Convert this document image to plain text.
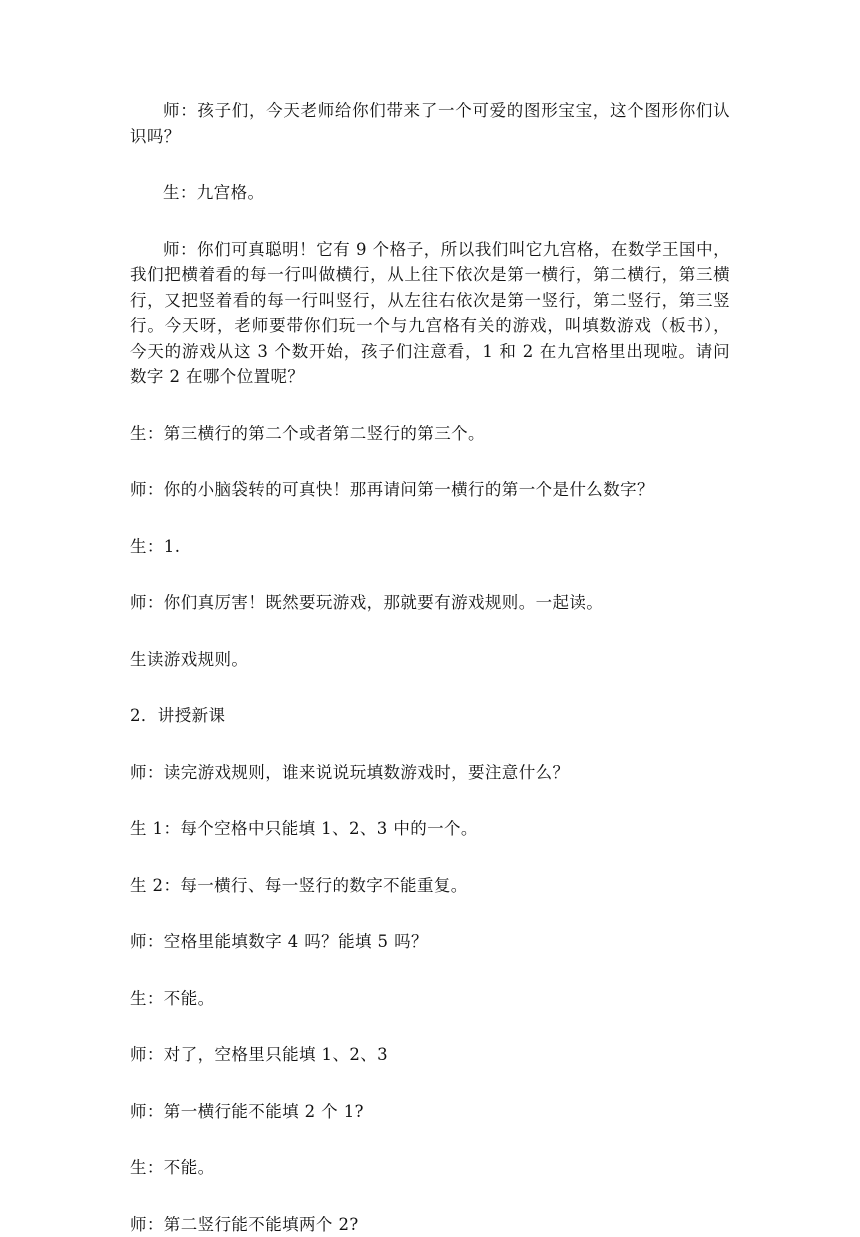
师：孩子们，今天老师给你们带来了一个可爱的图形宝宝，这个图形你们认识吗？

生：九宫格。

师：你们可真聪明！它有 9 个格子，所以我们叫它九宫格，在数学王国中，我们把横着看的每一行叫做横行，从上往下依次是第一横行，第二横行，第三横行，又把竖着看的每一行叫竖行，从左往右依次是第一竖行，第二竖行，第三竖行。今天呀，老师要带你们玩一个与九宫格有关的游戏，叫填数游戏（板书），今天的游戏从这 3 个数开始，孩子们注意看，1 和 2 在九宫格里出现啦。请问数字 2 在哪个位置呢？

生：第三横行的第二个或者第二竖行的第三个。

师：你的小脑袋转的可真快！那再请问第一横行的第一个是什么数字？

生：1.

师：你们真厉害！既然要玩游戏，那就要有游戏规则。一起读。

生读游戏规则。

2．讲授新课

师：读完游戏规则，谁来说说玩填数游戏时，要注意什么？

生 1：每个空格中只能填 1、2、3 中的一个。

生 2：每一横行、每一竖行的数字不能重复。

师：空格里能填数字 4 吗？能填 5 吗？

生：不能。

师：对了，空格里只能填 1、2、3

师：第一横行能不能填 2 个 1?

生：不能。

师：第二竖行能不能填两个 2?
